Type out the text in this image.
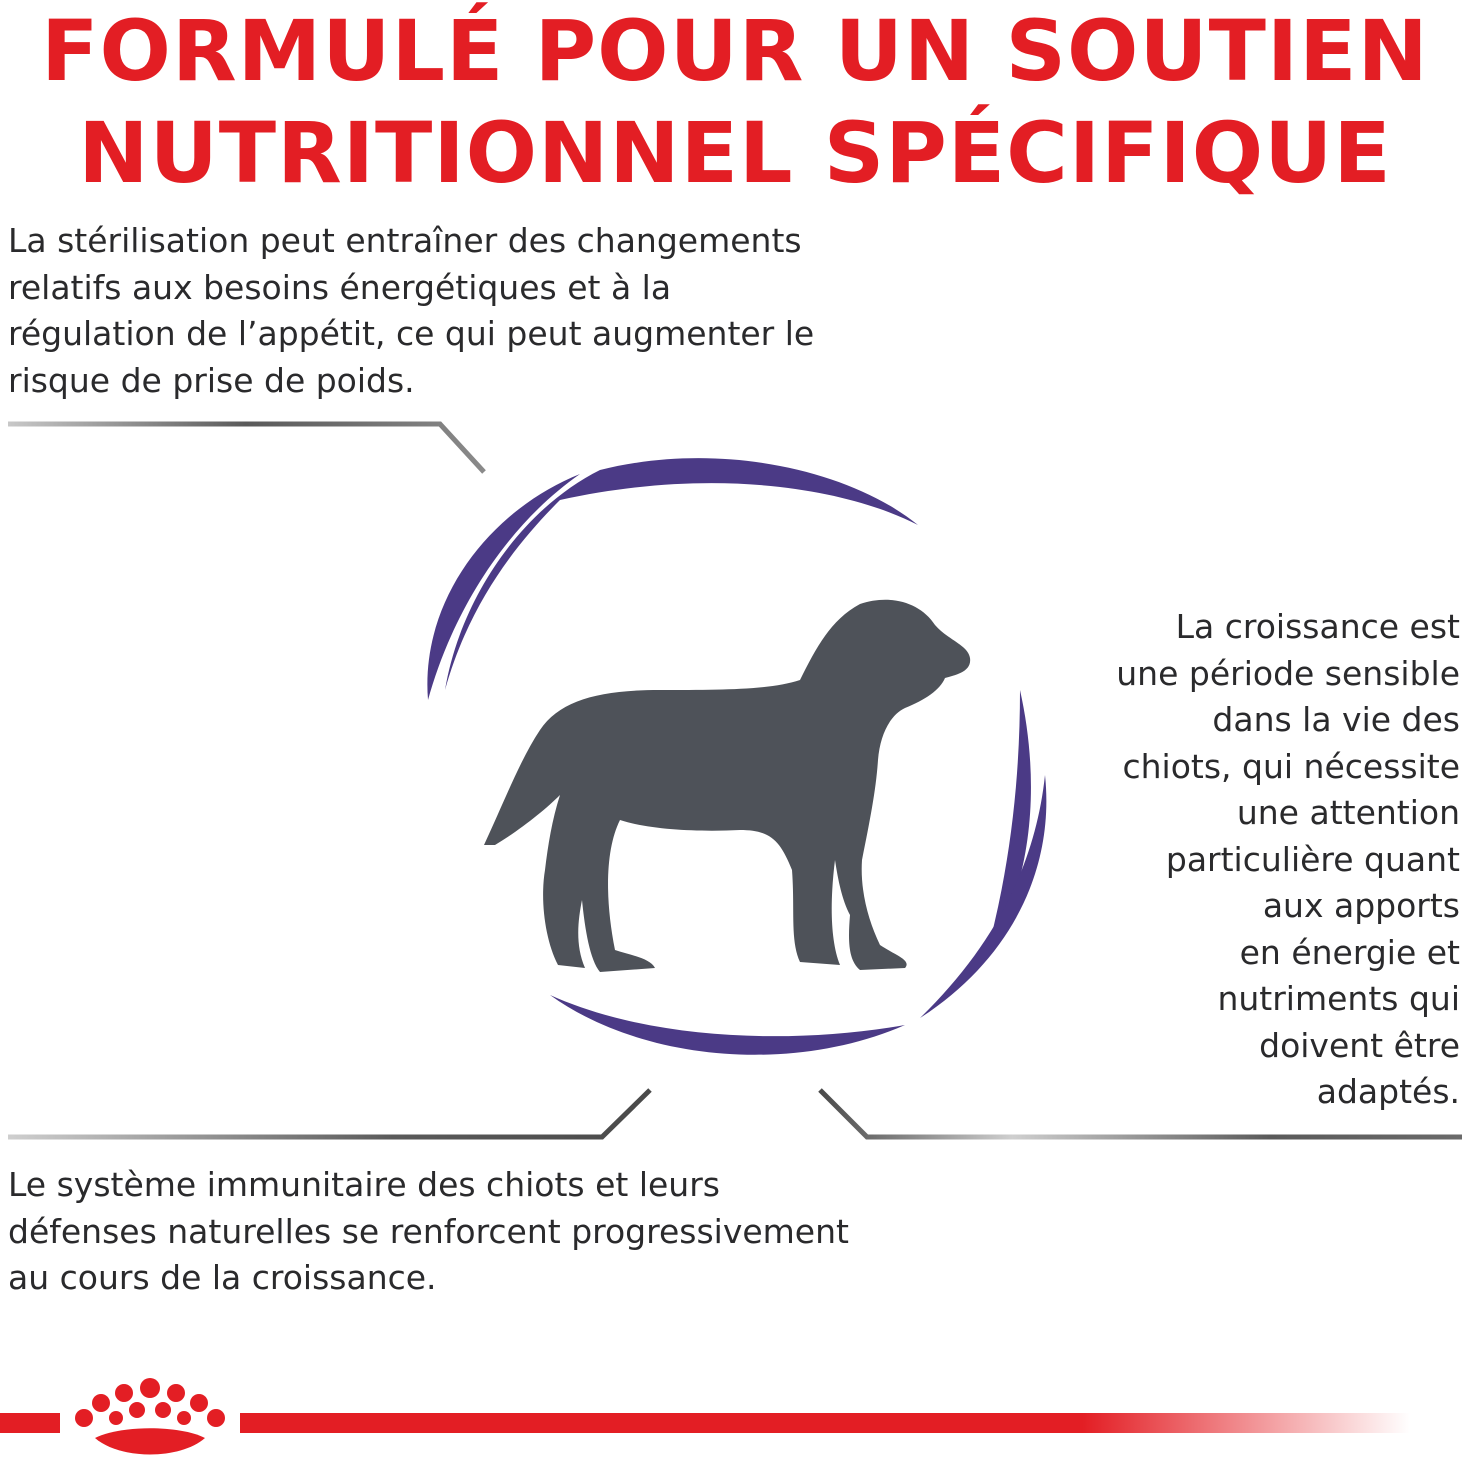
FORMULÉ POUR UN SOUTIEN
NUTRITIONNEL SPÉCIFIQUE
La stérilisation peut entraîner des changements
relatifs aux besoins énergétiques et à la
régulation de l’appétit, ce qui peut augmenter le
risque de prise de poids.
La croissance est
une période sensible
dans la vie des
chiots, qui nécessite
une attention
particulière quant
aux apports
en énergie et
nutriments qui
doivent être
adaptés.
Le système immunitaire des chiots et leurs
défenses naturelles se renforcent progressivement
au cours de la croissance.
